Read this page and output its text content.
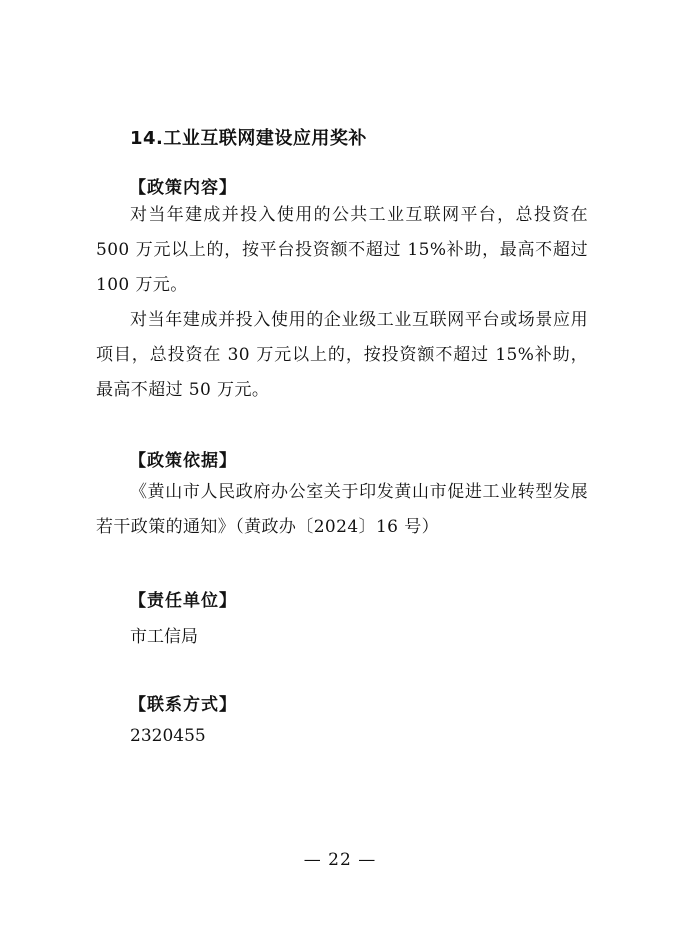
14.工业互联网建设应用奖补
【政策内容】
对当年建成并投入使用的公共工业互联网平台，总投资在 500 万元以上的，按平台投资额不超过 15%补助，最高不超过 100 万元。
对当年建成并投入使用的企业级工业互联网平台或场景应用项目，总投资在 30 万元以上的，按投资额不超过 15%补助，最高不超过 50 万元。
【政策依据】
《黄山市人民政府办公室关于印发黄山市促进工业转型发展若干政策的通知》（黄政办〔2024〕16 号）
【责任单位】
市工信局
【联系方式】
2320455
— 22 —
